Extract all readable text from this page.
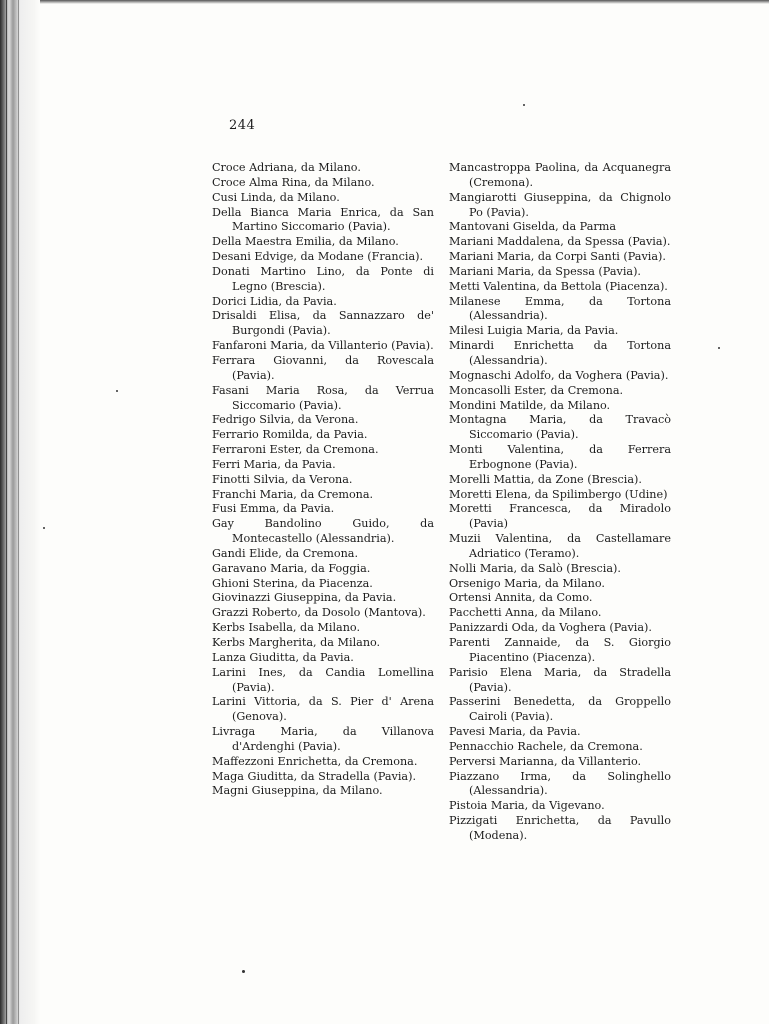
244
Croce Adriana, da Milano.
Croce Alma Rina, da Milano.
Cusi Linda, da Milano.
Della Bianca Maria Enrica, da San Martino Siccomario (Pavia).
Della Maestra Emilia, da Milano.
Desani Edvige, da Modane (Francia).
Donati Martino Lino, da Ponte di Legno (Brescia).
Dorici Lidia, da Pavia.
Drisaldi Elisa, da Sannazzaro de' Burgondi (Pavia).
Fanfaroni Maria, da Villanterio (Pavia).
Ferrara Giovanni, da Rovescala (Pavia).
Fasani Maria Rosa, da Verrua Siccomario (Pavia).
Fedrigo Silvia, da Verona.
Ferrario Romilda, da Pavia.
Ferraroni Ester, da Cremona.
Ferri Maria, da Pavia.
Finotti Silvia, da Verona.
Franchi Maria, da Cremona.
Fusi Emma, da Pavia.
Gay Bandolino Guido, da Montecastello (Alessandria).
Gandi Elide, da Cremona.
Garavano Maria, da Foggia.
Ghioni Sterina, da Piacenza.
Giovinazzi Giuseppina, da Pavia.
Grazzi Roberto, da Dosolo (Mantova).
Kerbs Isabella, da Milano.
Kerbs Margherita, da Milano.
Lanza Giuditta, da Pavia.
Larini Ines, da Candia Lomellina (Pavia).
Larini Vittoria, da S. Pier d' Arena (Genova).
Livraga Maria, da Villanova d'Ardenghi (Pavia).
Maffezzoni Enrichetta, da Cremona.
Maga Giuditta, da Stradella (Pavia).
Magni Giuseppina, da Milano.
Mancastroppa Paolina, da Acquanegra (Cremona).
Mangiarotti Giuseppina, da Chignolo Po (Pavia).
Mantovani Giselda, da Parma
Mariani Maddalena, da Spessa (Pavia).
Mariani Maria, da Corpi Santi (Pavia).
Mariani Maria, da Spessa (Pavia).
Metti Valentina, da Bettola (Piacenza).
Milanese Emma, da Tortona (Alessandria).
Milesi Luigia Maria, da Pavia.
Minardi Enrichetta da Tortona (Alessandria).
Mognaschi Adolfo, da Voghera (Pavia).
Moncasolli Ester, da Cremona.
Mondini Matilde, da Milano.
Montagna Maria, da Travacò Siccomario (Pavia).
Monti Valentina, da Ferrera Erbognone (Pavia).
Morelli Mattia, da Zone (Brescia).
Moretti Elena, da Spilimbergo (Udine)
Moretti Francesca, da Miradolo (Pavia)
Muzii Valentina, da Castellamare Adriatico (Teramo).
Nolli Maria, da Salò (Brescia).
Orsenigo Maria, da Milano.
Ortensi Annita, da Como.
Pacchetti Anna, da Milano.
Panizzardi Oda, da Voghera (Pavia).
Parenti Zannaide, da S. Giorgio Piacentino (Piacenza).
Parisio Elena Maria, da Stradella (Pavia).
Passerini Benedetta, da Groppello Cairoli (Pavia).
Pavesi Maria, da Pavia.
Pennacchio Rachele, da Cremona.
Perversi Marianna, da Villanterio.
Piazzano Irma, da Solinghello (Alessandria).
Pistoia Maria, da Vigevano.
Pizzigati Enrichetta, da Pavullo (Modena).
